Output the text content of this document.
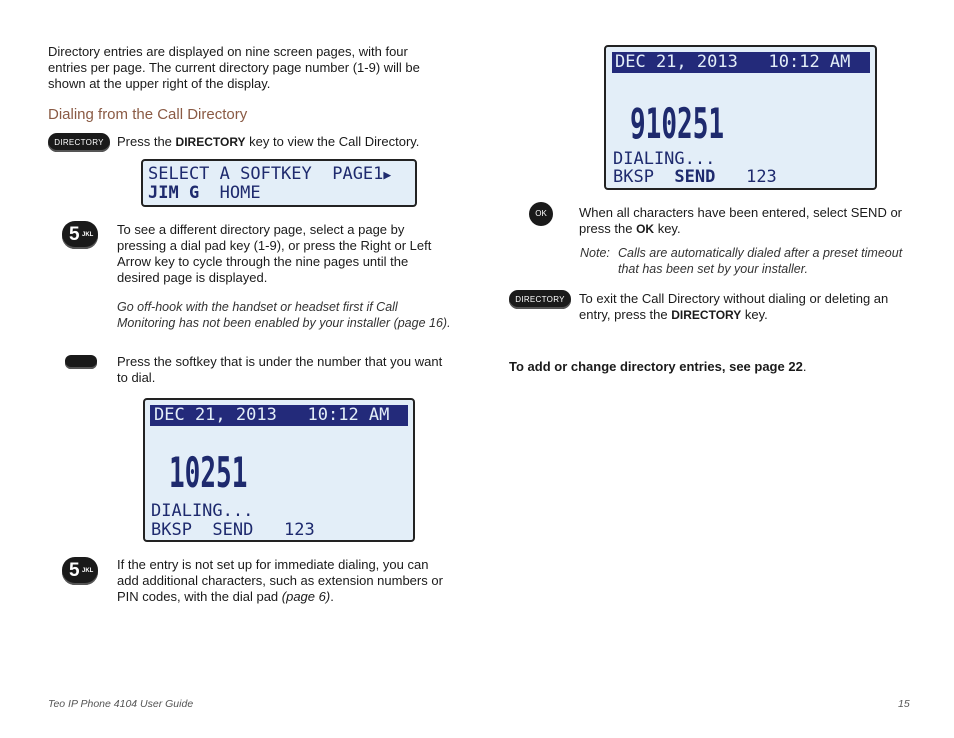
Directory entries are displayed on nine screen pages, with four entries per page. The current directory page number (1-9) will be shown at the upper right of the display.

Dialing from the Call Directory
DIRECTORY	Press the DIRECTORY key to view the Call Directory.

SELECT A SOFTKEY  PAGE1▶
JIM G  HOME
5 JKL To see a different directory page, select a page by pressing a dial pad key (1-9), or press the Right or Left Arrow key to cycle through the nine pages until the desired page is displayed.

Go off-hook with the handset or headset first if Call Monitoring has not been enabled by your installer (page 16).

Press the softkey that is under the number that you want to dial.

DEC 21, 2013   10:12 AM
10251
DIALING...
BKSP  SEND   123
5 JKL If the entry is not set up for immediate dialing, you can add additional characters, such as extension numbers or PIN codes, with the dial pad (page 6).

DEC 21, 2013   10:12 AM
910251
DIALING...
BKSP  SEND   123
OK	When all characters have been entered, select SEND or press the OK key.

Note: Calls are automatically dialed after a preset timeout that has been set by your installer.
DIRECTORY	To exit the Call Directory without dialing or deleting an entry, press the DIRECTORY key.

To add or change directory entries, see page 22.

Teo IP Phone 4104 User Guide	15
